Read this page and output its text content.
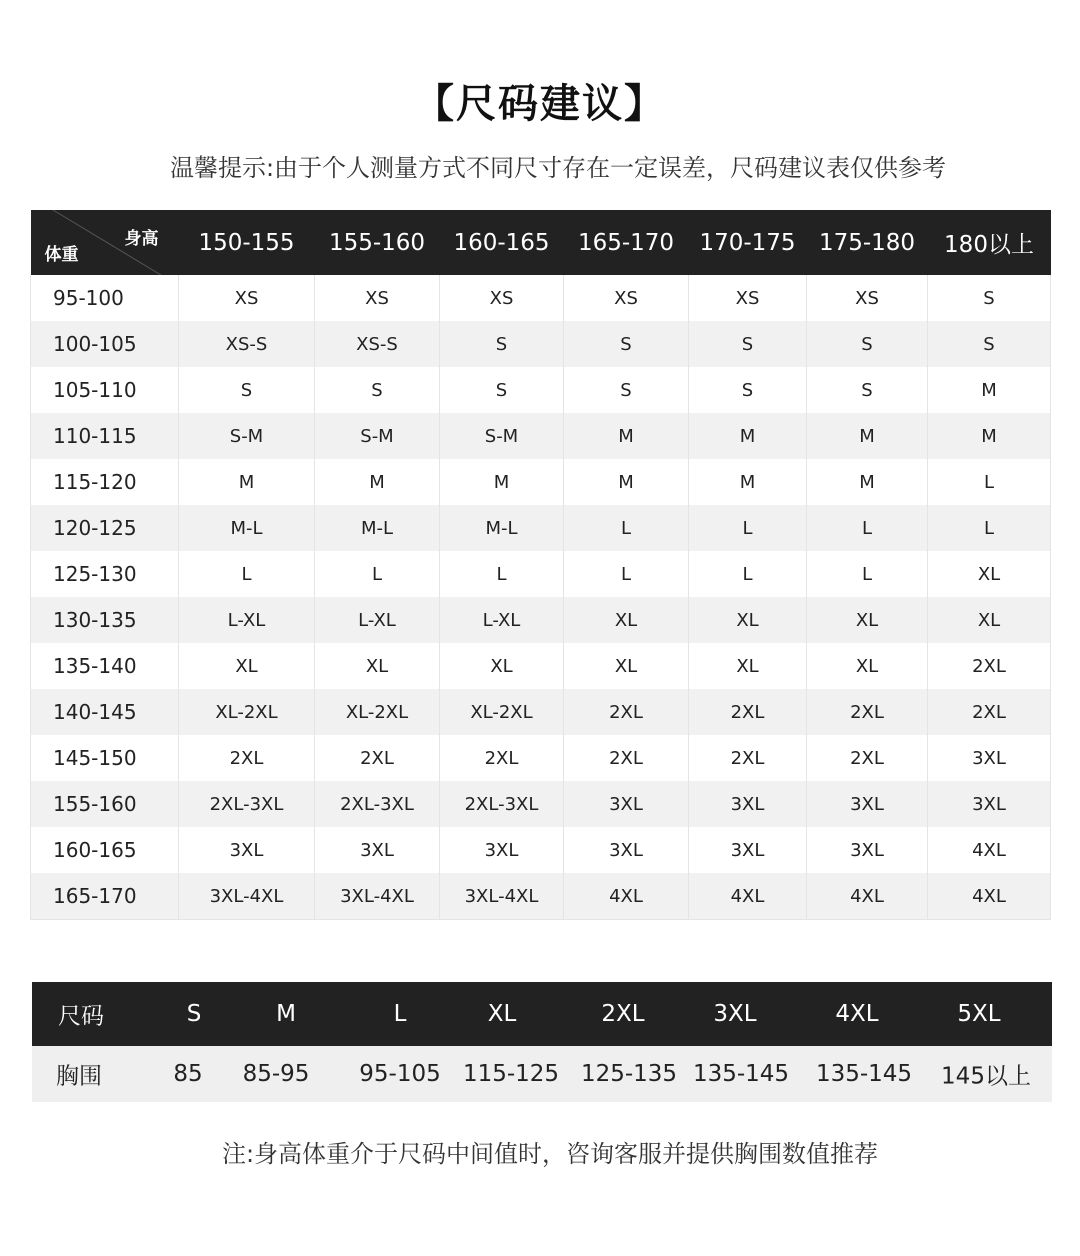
【尺码建议】
温馨提示:由于个人测量方式不同尺寸存在一定误差，尺码建议表仅供参考
身高
体重	150-155	155-160	160-165	165-170	170-175	175-180	180以上
95-100	XS	XS	XS	XS	XS	XS	S
100-105	XS-S	XS-S	S	S	S	S	S
105-110	S	S	S	S	S	S	M
110-115	S-M	S-M	S-M	M	M	M	M
115-120	M	M	M	M	M	M	L
120-125	M-L	M-L	M-L	L	L	L	L
125-130	L	L	L	L	L	L	XL
130-135	L-XL	L-XL	L-XL	XL	XL	XL	XL
135-140	XL	XL	XL	XL	XL	XL	2XL
140-145	XL-2XL	XL-2XL	XL-2XL	2XL	2XL	2XL	2XL
145-150	2XL	2XL	2XL	2XL	2XL	2XL	3XL
155-160	2XL-3XL	2XL-3XL	2XL-3XL	3XL	3XL	3XL	3XL
160-165	3XL	3XL	3XL	3XL	3XL	3XL	4XL
165-170	3XL-4XL	3XL-4XL	3XL-4XL	4XL	4XL	4XL	4XL
尺码	S	M	L	XL	2XL	3XL	4XL	5XL
胸围	85 85-95 95-105 115-125 125-135 135-145 135-145 145以上
注:身高体重介于尺码中间值时，咨询客服并提供胸围数值推荐
